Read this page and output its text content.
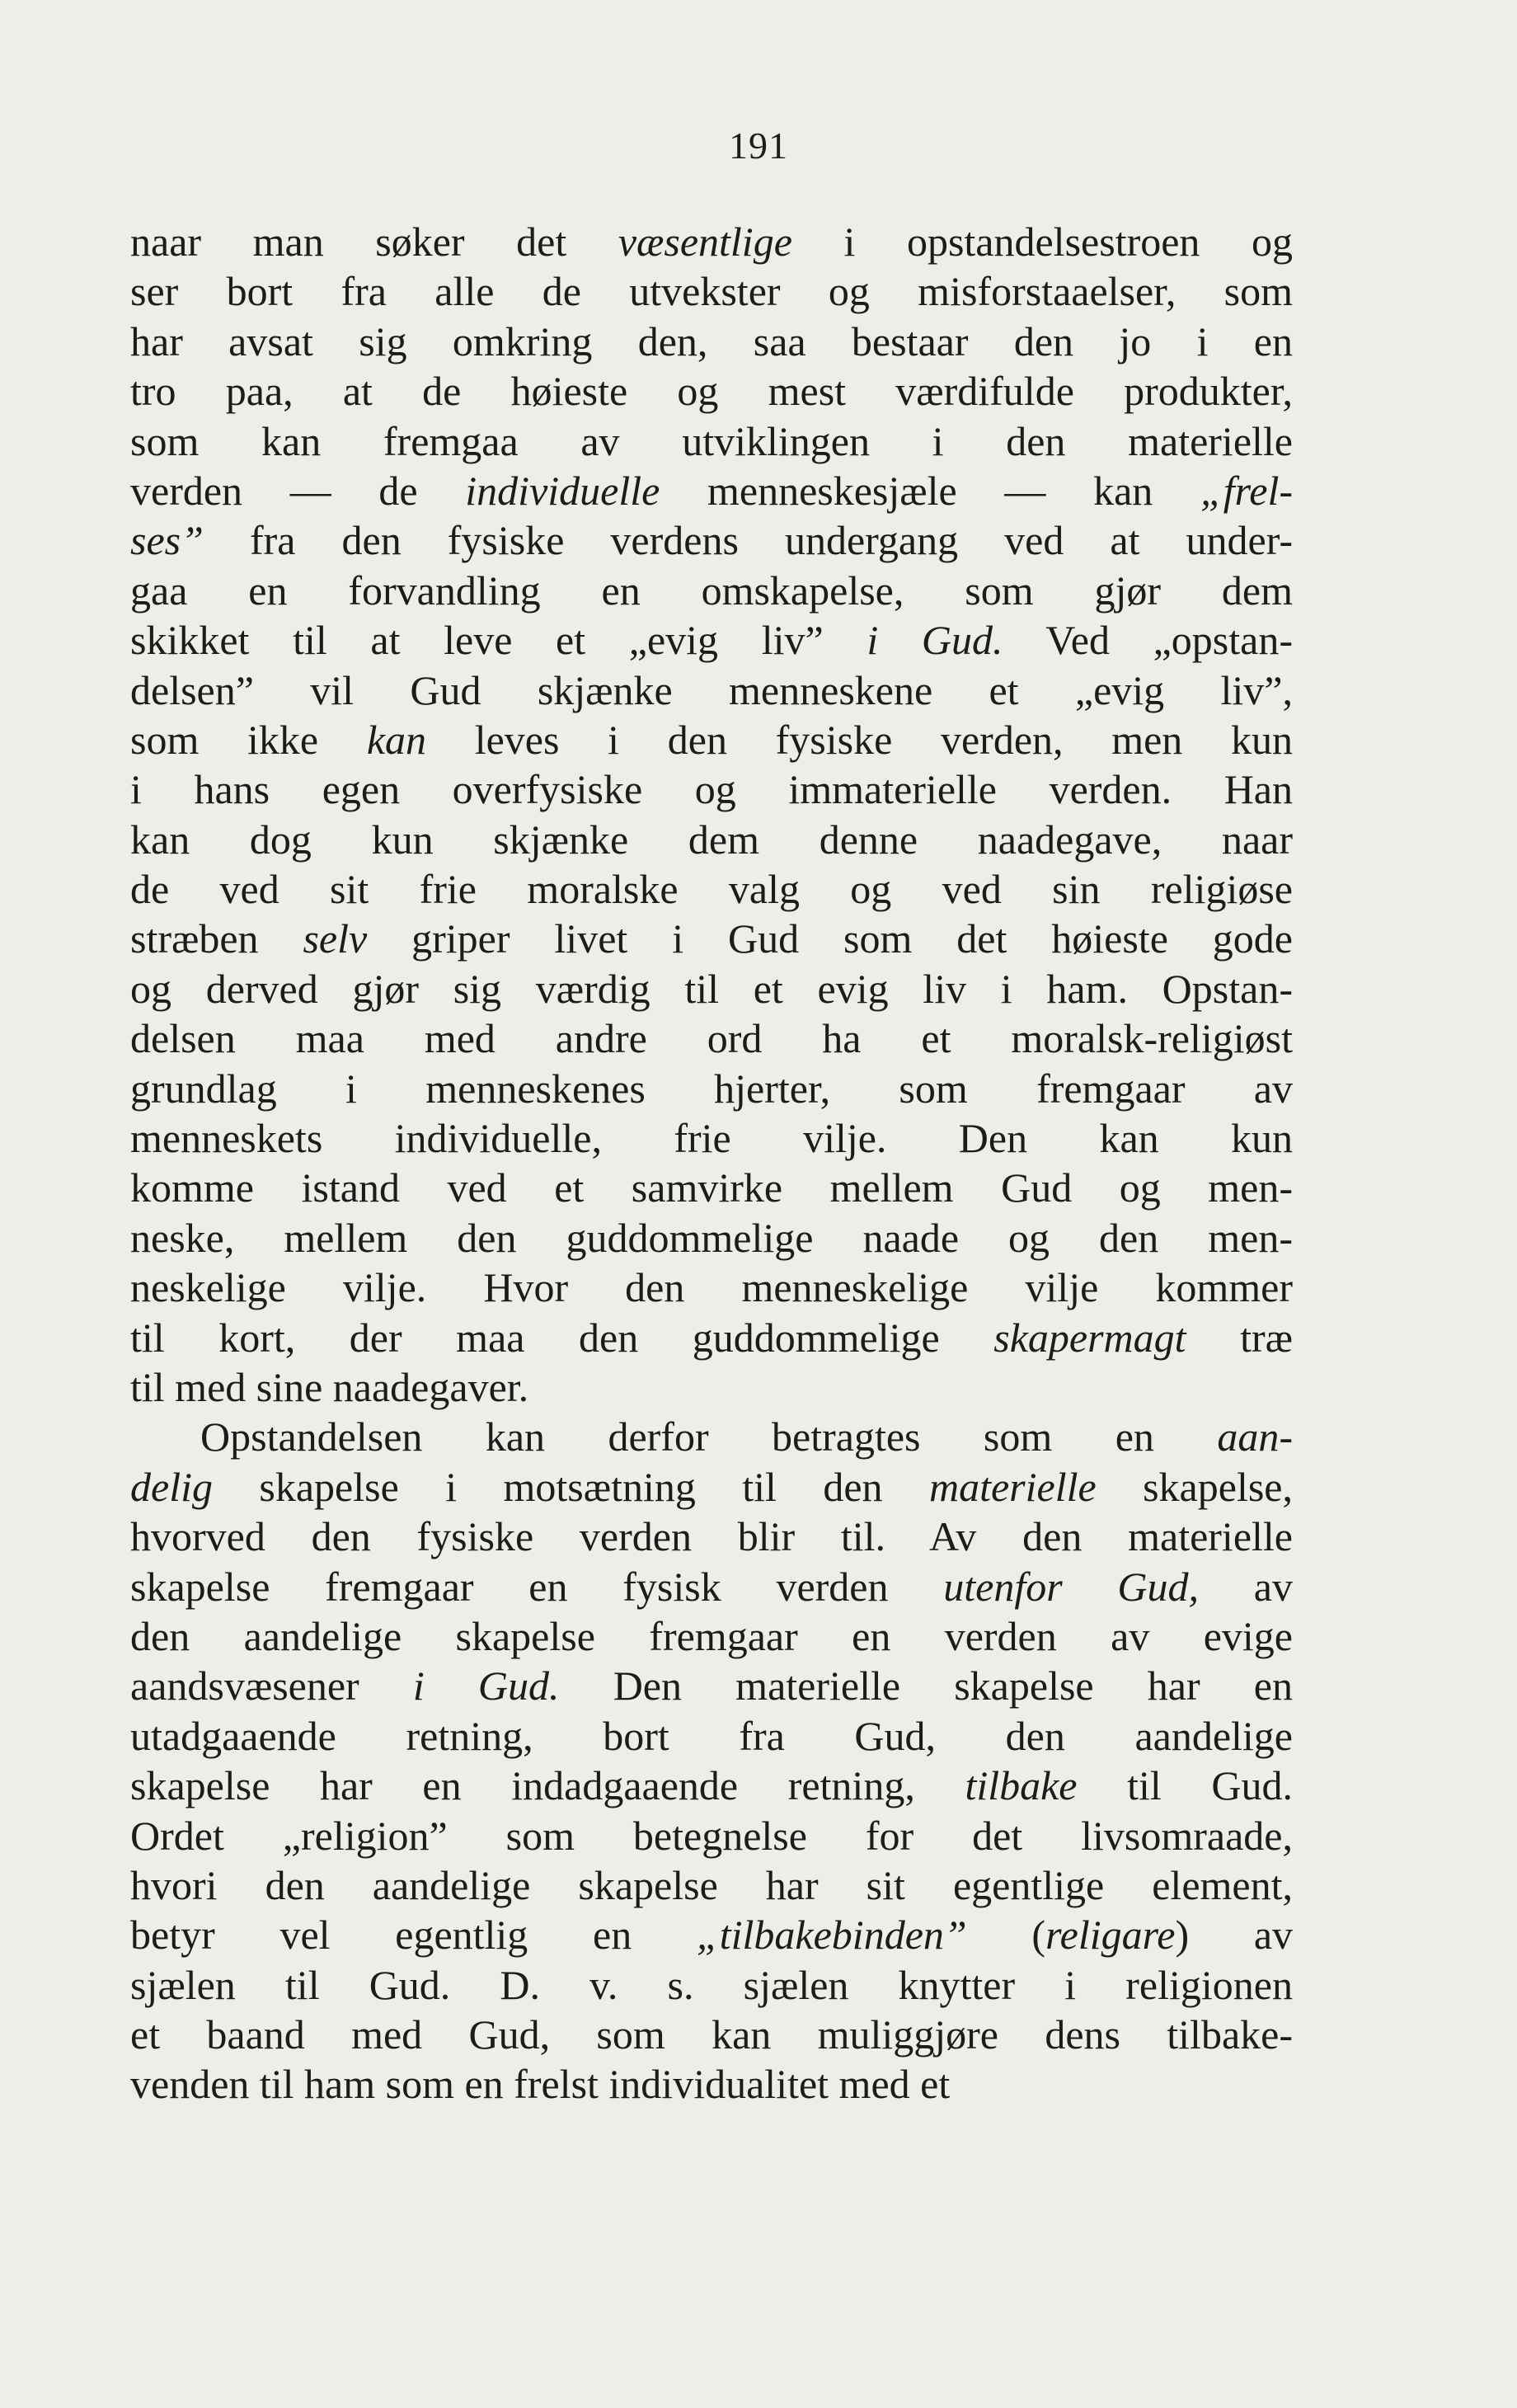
191
naar man søker det væsentlige i opstandelsestroen og
ser bort fra alle de utvekster og misforstaaelser, som
har avsat sig omkring den, saa bestaar den jo i en
tro paa, at de høieste og mest værdifulde produkter,
som kan fremgaa av utviklingen i den materielle
verden — de individuelle menneskesjæle — kan „frel-
ses” fra den fysiske verdens undergang ved at under-
gaa en forvandling en omskapelse, som gjør dem
skikket til at leve et „evig liv” i Gud. Ved „opstan-
delsen” vil Gud skjænke menneskene et „evig liv”,
som ikke kan leves i den fysiske verden, men kun
i hans egen overfysiske og immaterielle verden. Han
kan dog kun skjænke dem denne naadegave, naar
de ved sit frie moralske valg og ved sin religiøse
stræben selv griper livet i Gud som det høieste gode
og derved gjør sig værdig til et evig liv i ham. Opstan-
delsen maa med andre ord ha et moralsk-religiøst
grundlag i menneskenes hjerter, som fremgaar av
menneskets individuelle, frie vilje. Den kan kun
komme istand ved et samvirke mellem Gud og men-
neske, mellem den guddommelige naade og den men-
neskelige vilje. Hvor den menneskelige vilje kommer
til kort, der maa den guddommelige skapermagt træ
til med sine naadegaver.
Opstandelsen kan derfor betragtes som en aan-
delig skapelse i motsætning til den materielle skapelse,
hvorved den fysiske verden blir til. Av den materielle
skapelse fremgaar en fysisk verden utenfor Gud, av
den aandelige skapelse fremgaar en verden av evige
aandsvæsener i Gud. Den materielle skapelse har en
utadgaaende retning, bort fra Gud, den aandelige
skapelse har en indadgaaende retning, tilbake til Gud.
Ordet „religion” som betegnelse for det livsomraade,
hvori den aandelige skapelse har sit egentlige element,
betyr vel egentlig en „tilbakebinden” (religare) av
sjælen til Gud. D. v. s. sjælen knytter i religionen
et baand med Gud, som kan muliggjøre dens tilbake-
venden til ham som en frelst individualitet med et
